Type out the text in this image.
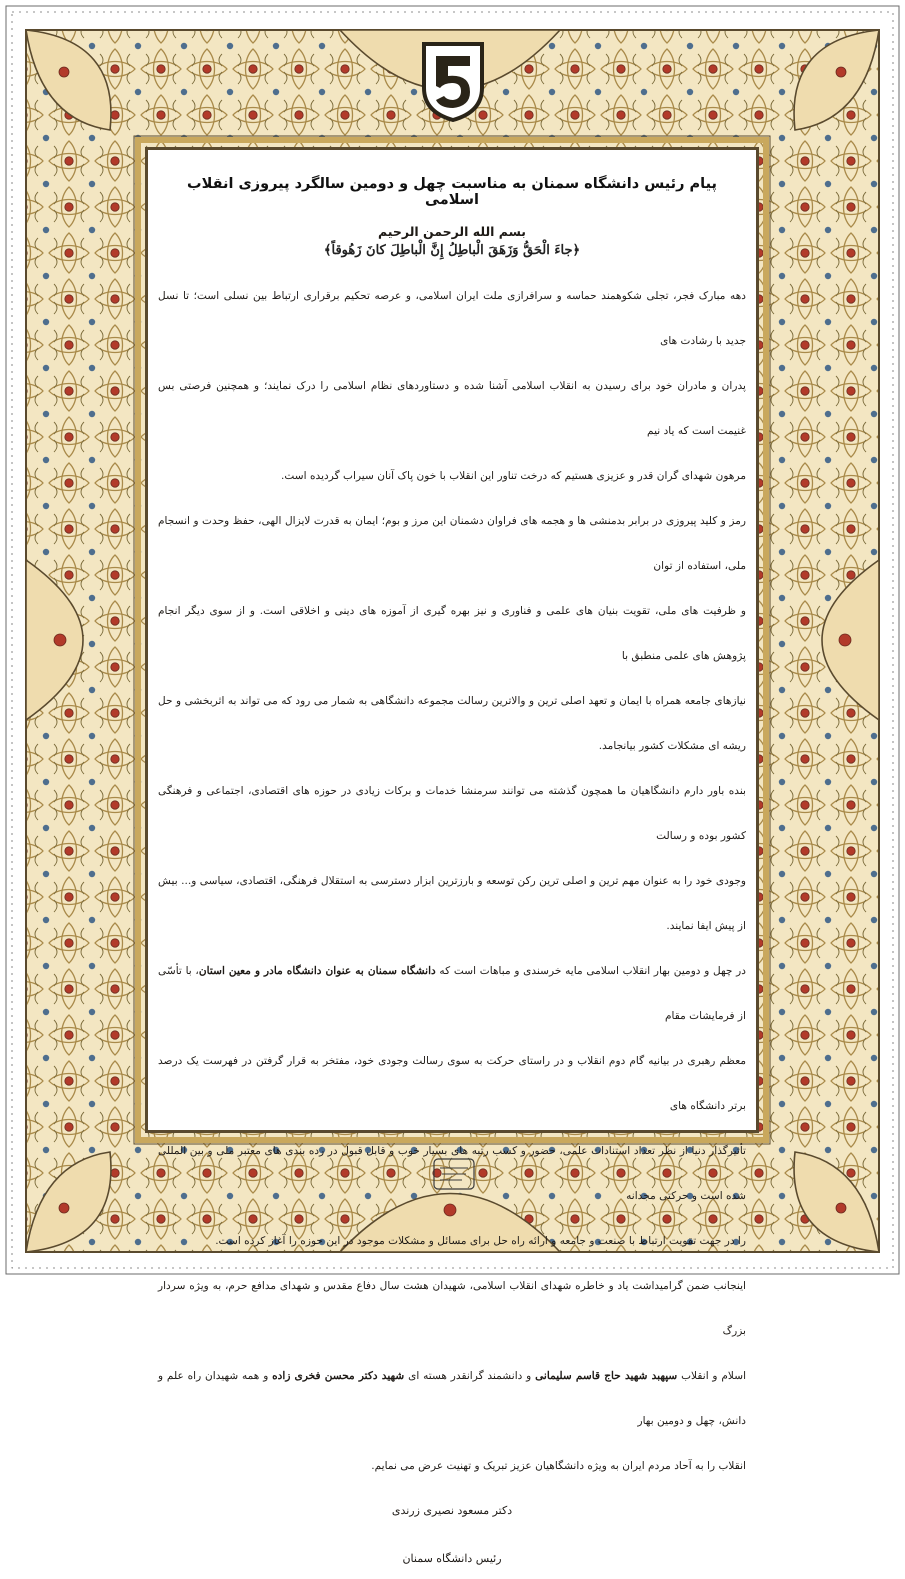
پیام رئیس دانشگاه سمنان به مناسبت چهل و دومین سالگرد پیروزی انقلاب اسلامی
بسم الله الرحمن الرحیم
﴿جاءَ الْحَقُّ وَزَهَقَ الْباطِلُ إِنَّ الْباطِلَ كانَ زَهُوقاً﴾

دهه مبارک فجر، تجلی شکوهمند حماسه و سرافرازی ملت ایران اسلامی، و عرصه تحکیم برقراری ارتباط بین نسلی است؛ تا نسل جدید با رشادت های
پدران و مادران خود برای رسیدن به انقلاب اسلامی آشنا شده و دستاوردهای نظام اسلامی را درک نمایند؛ و همچنین فرصتی بس غنیمت است که یاد نیم
مرهون شهدای گران قدر و عزیزی هستیم که درخت تناور این انقلاب با خون پاک آنان سیراب گردیده است.

رمز و کلید پیروزی در برابر بدمنشی ها و هجمه های فراوان دشمنان این مرز و بوم؛ ایمان به قدرت لایزال الهی، حفظ وحدت و انسجام ملی، استفاده از توان
و ظرفیت های ملی، تقویت بنیان های علمی و فناوری و نیز بهره گیری از آموزه های دینی و اخلاقی است. و از سوی دیگر انجام پژوهش های علمی منطبق با
نیازهای جامعه همراه با ایمان و تعهد اصلی ترین و والاترین رسالت مجموعه دانشگاهی به شمار می رود که می تواند به اثربخشی و حل ریشه ای مشکلات کشور بیانجامد.

بنده باور دارم دانشگاهیان ما همچون گذشته می توانند سرمنشا خدمات و برکات زیادی در حوزه های اقتصادی، اجتماعی و فرهنگی کشور بوده و رسالت
وجودی خود را به عنوان مهم ترین و اصلی ترین رکن توسعه و بارزترین ابزار دسترسی به استقلال فرهنگی، اقتصادی، سیاسی و... بیش از پیش ایفا نمایند.

در چهل و دومین بهار انقلاب اسلامی مایه خرسندی و مباهات است که دانشگاه سمنان به عنوان دانشگاه مادر و معین استان، با تأسّی از فرمایشات مقام
معظم رهبری در بیانیه گام دوم انقلاب و در راستای حرکت به سوی رسالت وجودی خود، مفتخر به قرار گرفتن در فهرست یک درصد برتر دانشگاه های
تأثیرگذار دنیا از نظر تعداد استنادات علمی، حضور و کسب رتبه های بسیار خوب و قابل قبول در رده بندی های معتبر ملی و بین المللی شده است و حرکتی مجدانه
را در جهت تقویت ارتباط با صنعت و جامعه و ارائه راه حل برای مسائل و مشکلات موجود در این حوزه را آغاز کرده است.

اینجانب ضمن گرامیداشت یاد و خاطره شهدای انقلاب اسلامی، شهیدان هشت سال دفاع مقدس و شهدای مدافع حرم، به ویژه سردار بزرگ
اسلام و انقلاب سپهبد شهید حاج قاسم سلیمانی و دانشمند گرانقدر هسته ای شهید دکتر محسن فخری زاده و همه شهیدان راه علم و دانش، چهل و دومین بهار
انقلاب را به آحاد مردم ایران به ویژه دانشگاهیان عزیز تبریک و تهنیت عرض می نمایم.

دکتر مسعود نصیری زرندی

رئیس دانشگاه سمنان
